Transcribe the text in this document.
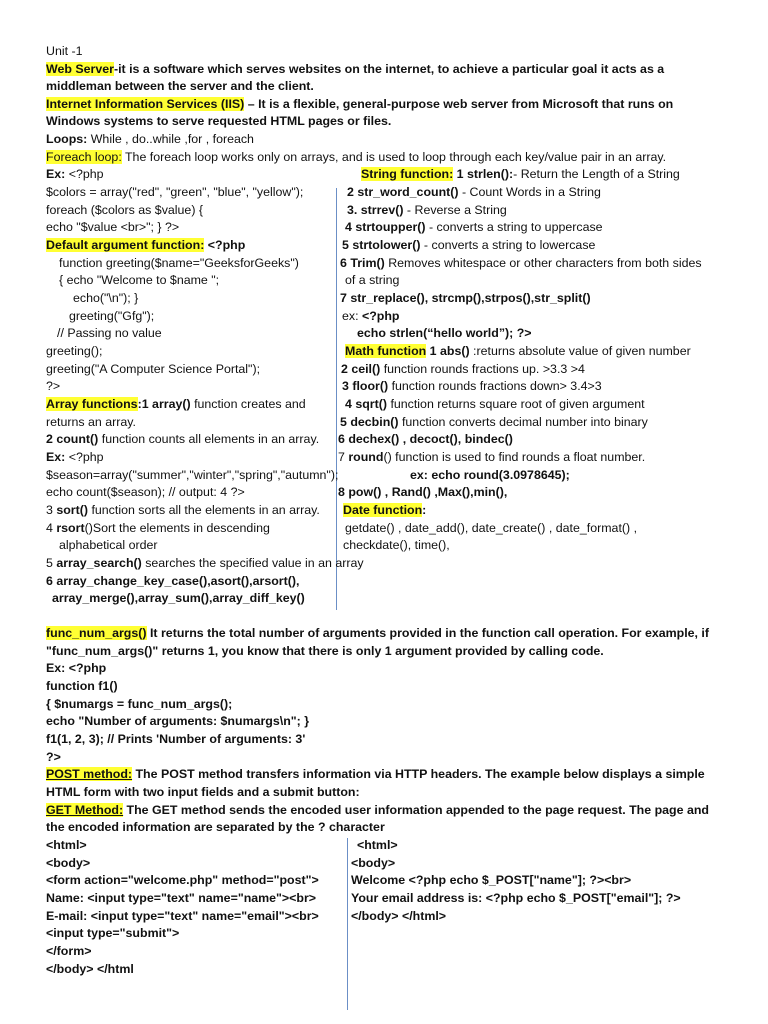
Unit -1
Web Server-it is a software which serves websites on the internet, to achieve a particular goal it acts as a
middleman between the server and the client.
Internet Information Services (IIS) – It is a flexible, general-purpose web server from Microsoft that runs on
Windows systems to serve requested HTML pages or files.
Loops: While , do..while ,for , foreach
Foreach loop: The foreach loop works only on arrays, and is used to loop through each key/value pair in an array.
Ex: <?php
$colors = array("red", "green", "blue", "yellow");
foreach ($colors as $value) {
echo "$value <br>"; } ?>
Default argument function: <?php
function greeting($name="GeeksforGeeks")
{ echo "Welcome to $name ";
echo("\n"); }
greeting("Gfg");
// Passing no value
greeting();
greeting("A Computer Science Portal");
?>
Array functions:1 array() function creates and
returns an array.
2 count() function counts all elements in an array.
Ex: <?php
$season=array("summer","winter","spring","autumn");
echo count($season); // output: 4 ?>
3 sort() function sorts all the elements in an array.
4 rsort()Sort the elements in descending
alphabetical order
5 array_search() searches the specified value in an array
6 array_change_key_case(),asort(),arsort(),
array_merge(),array_sum(),array_diff_key()
String function: 1 strlen():- Return the Length of a String
2 str_word_count() - Count Words in a String
3. strrev() - Reverse a String
4 strtoupper() - converts a string to uppercase
5 strtolower() - converts a string to lowercase
6 Trim() Removes whitespace or other characters from both sides
of a string
7 str_replace(), strcmp(),strpos(),str_split()
ex: <?php
echo strlen(“hello world”); ?>
Math function 1 abs() :returns absolute value of given number
2 ceil() function rounds fractions up. >3.3 >4
3 floor() function rounds fractions down> 3.4>3
4 sqrt() function returns square root of given argument
5 decbin() function converts decimal number into binary
6 dechex() , decoct(), bindec()
7 round() function is used to find rounds a float number.
ex: echo round(3.0978645);
8 pow() , Rand() ,Max(),min(),
Date function:
getdate() , date_add(), date_create() , date_format() ,
checkdate(), time(),
func_num_args() It returns the total number of arguments provided in the function call operation. For example, if
"func_num_args()" returns 1, you know that there is only 1 argument provided by calling code.
Ex: <?php
function f1()
{ $numargs = func_num_args();
echo "Number of arguments: $numargs\n"; }
f1(1, 2, 3); // Prints 'Number of arguments: 3'
?>
POST method: The POST method transfers information via HTTP headers. The example below displays a simple
HTML form with two input fields and a submit button:
GET Method: The GET method sends the encoded user information appended to the page request. The page and
the encoded information are separated by the ? character
<html>
<body>
<form action="welcome.php" method="post">
Name: <input type="text" name="name"><br>
E-mail: <input type="text" name="email"><br>
<input type="submit">
</form>
</body> </html
<html>
<body>
Welcome <?php echo $_POST["name"]; ?><br>
Your email address is: <?php echo $_POST["email"]; ?>
</body> </html>
